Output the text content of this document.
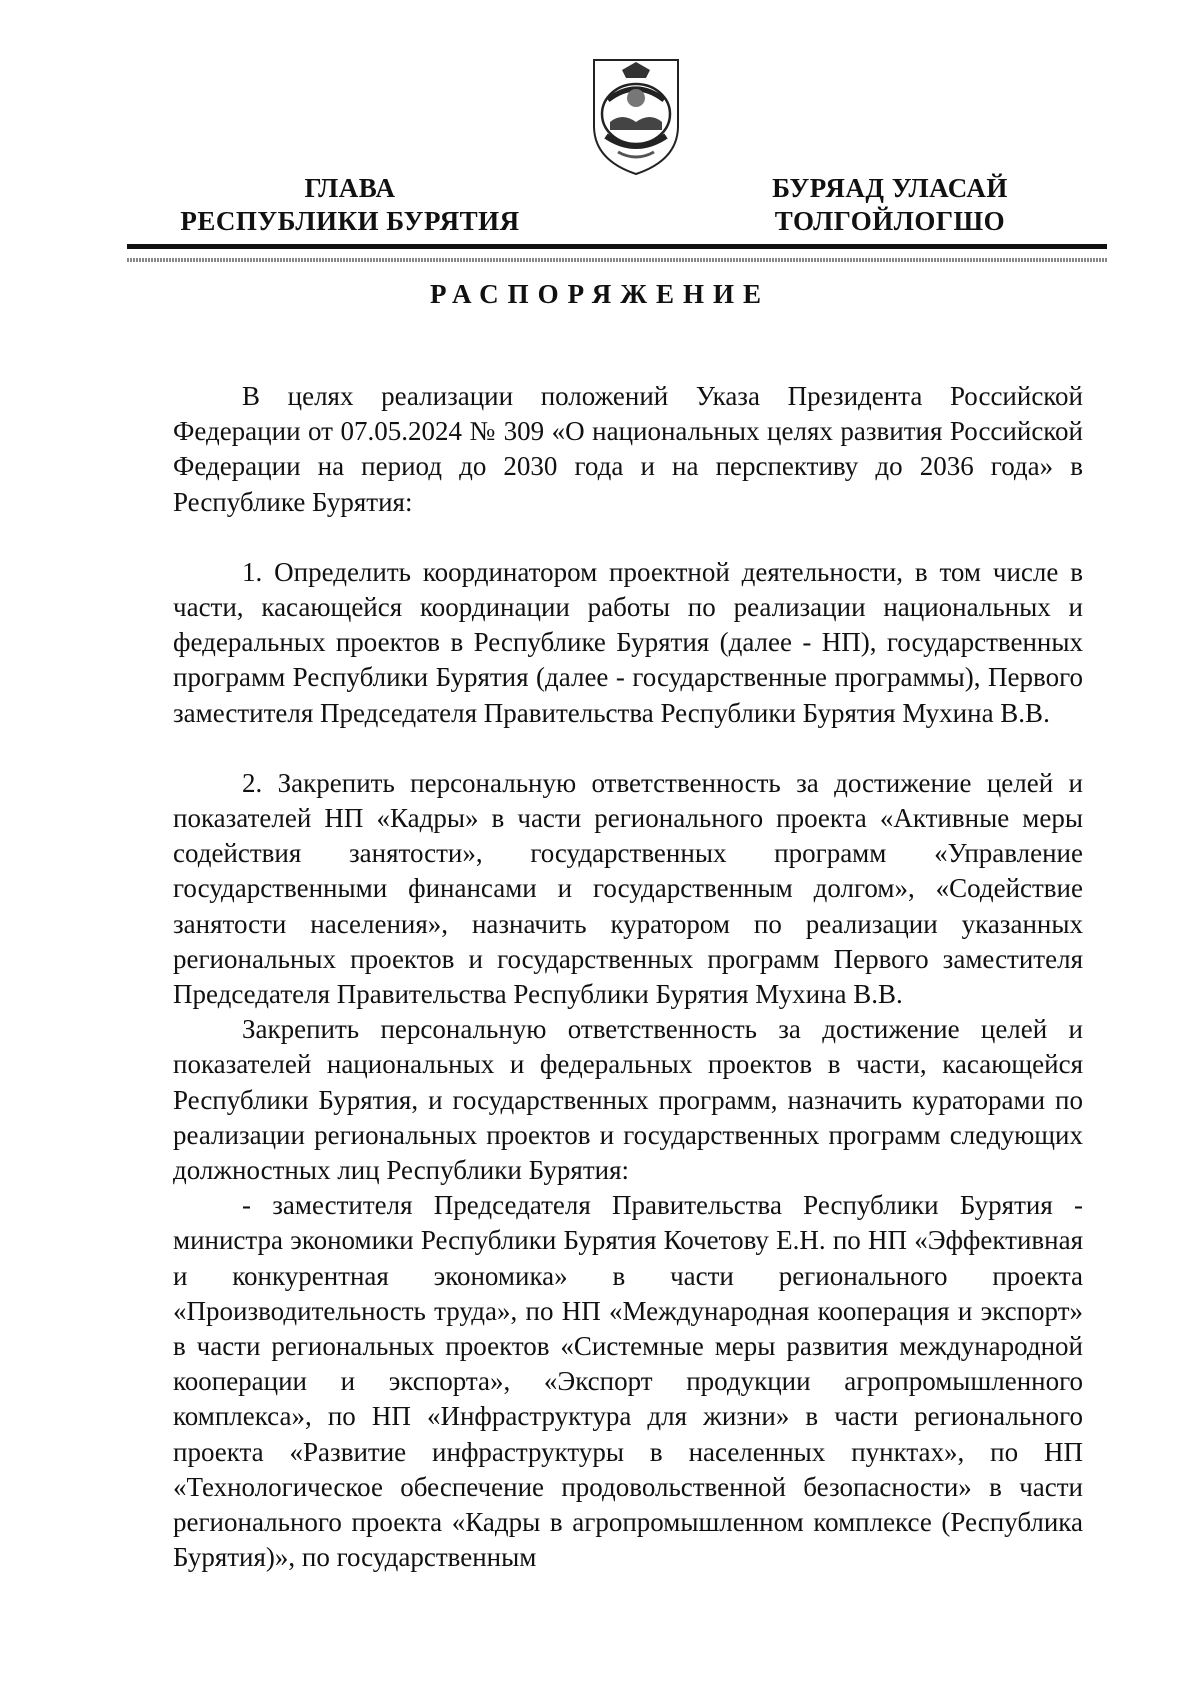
ГЛАВА
РЕСПУБЛИКИ БУРЯТИЯ
БУРЯАД УЛАСАЙ
ТОЛГОЙЛОГШО
РАСПОРЯЖЕНИЕ

В целях реализации положений Указа Президента Российской Федерации от 07.05.2024 № 309 «О национальных целях развития Российской Федерации на период до 2030 года и на перспективу до 2036 года» в Республике Бурятия:

1. Определить координатором проектной деятельности, в том числе в части, касающейся координации работы по реализации национальных и федеральных проектов в Республике Бурятия (далее - НП), государственных программ Республики Бурятия (далее - государственные программы), Первого заместителя Председателя Правительства Республики Бурятия Мухина В.В.

2. Закрепить персональную ответственность за достижение целей и показателей НП «Кадры» в части регионального проекта «Активные меры содействия занятости», государственных программ «Управление государственными финансами и государственным долгом», «Содействие занятости населения», назначить куратором по реализации указанных региональных проектов и государственных программ Первого заместителя Председателя Правительства Республики Бурятия Мухина В.В.

Закрепить персональную ответственность за достижение целей и показателей национальных и федеральных проектов в части, касающейся Республики Бурятия, и государственных программ, назначить кураторами по реализации региональных проектов и государственных программ следующих должностных лиц Республики Бурятия:

- заместителя Председателя Правительства Республики Бурятия - министра экономики Республики Бурятия Кочетову Е.Н. по НП «Эффективная и конкурентная экономика» в части регионального проекта «Производительность труда», по НП «Международная кооперация и экспорт» в части региональных проектов «Системные меры развития международной кооперации и экспорта», «Экспорт продукции агропромышленного комплекса», по НП «Инфраструктура для жизни» в части регионального проекта «Развитие инфраструктуры в населенных пунктах», по НП «Технологическое обеспечение продовольственной безопасности» в части регионального проекта «Кадры в агропромышленном комплексе (Республика Бурятия)», по государственным
